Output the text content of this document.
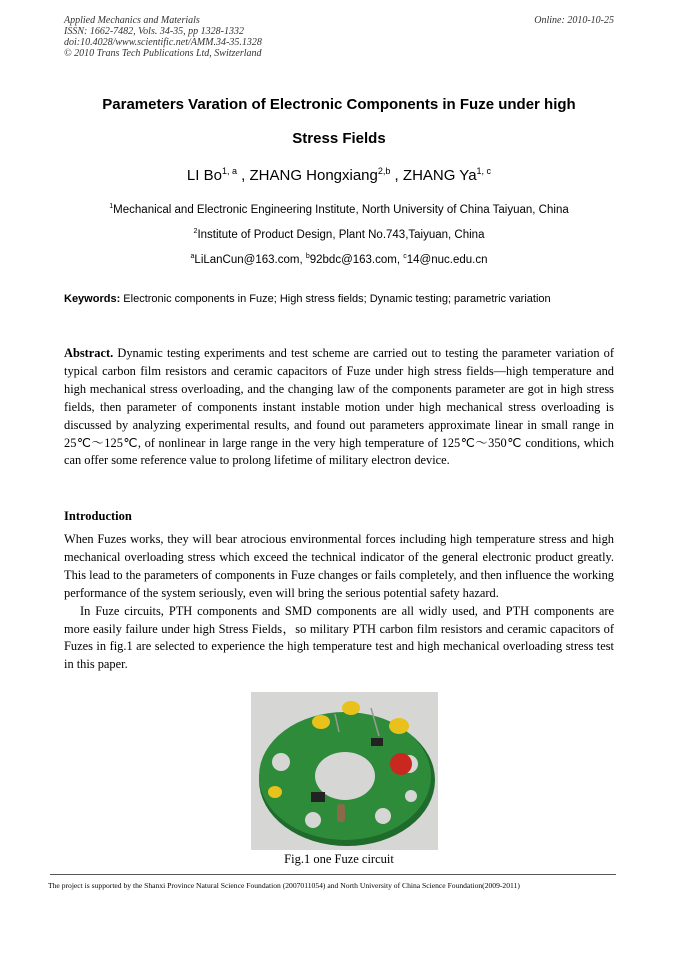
Applied Mechanics and Materials
ISSN: 1662-7482, Vols. 34-35, pp 1328-1332
doi:10.4028/www.scientific.net/AMM.34-35.1328
© 2010 Trans Tech Publications Ltd, Switzerland
Online: 2010-10-25
Parameters Varation of Electronic Components in Fuze under high
Stress Fields
LI Bo$^{1, a}$ , ZHANG Hongxiang$^{2,b}$ , ZHANG Ya$^{1, c}$
$^1$Mechanical and Electronic Engineering Institute, North University of China Taiyuan, China
$^2$Institute of Product Design, Plant No.743,Taiyuan, China
$^a$LiLanCun@163.com, $^b$92bdc@163.com, $^c$14@nuc.edu.cn
Keywords: Electronic components in Fuze; High stress fields; Dynamic testing; parametric variation
Abstract. Dynamic testing experiments and test scheme are carried out to testing the parameter variation of typical carbon film resistors and ceramic capacitors of Fuze under high stress fields—high temperature and high mechanical stress overloading, and the changing law of the components parameter are got in high stress fields, then parameter of components instant instable motion under high mechanical stress overloading is discussed by analyzing experimental results, and found out parameters approximate linear in small range in 25℃～125℃, of nonlinear in large range in the very high temperature of 125℃～350℃ conditions, which can offer some reference value to prolong lifetime of military electron device.
Introduction

When Fuzes works, they will bear atrocious environmental forces including high temperature stress and high mechanical overloading stress which exceed the technical indicator of the general electronic product greatly. This lead to the parameters of components in Fuze changes or fails completely, and then influence the working performance of the system seriously, even will bring the serious potential safety hazard.

In Fuze circuits, PTH components and SMD components are all widly used, and PTH components are more easily failure under high Stress Fields，so military PTH carbon film resistors and ceramic capacitors of Fuzes in fig.1 are selected to experience the high temperature test and high mechanical overloading stress test in this paper.

Fig.1 one Fuze circuit
The project is supported by the Shanxi Province Natural Science Foundation (2007011054) and North University of China Science Foundation(2009-2011)
